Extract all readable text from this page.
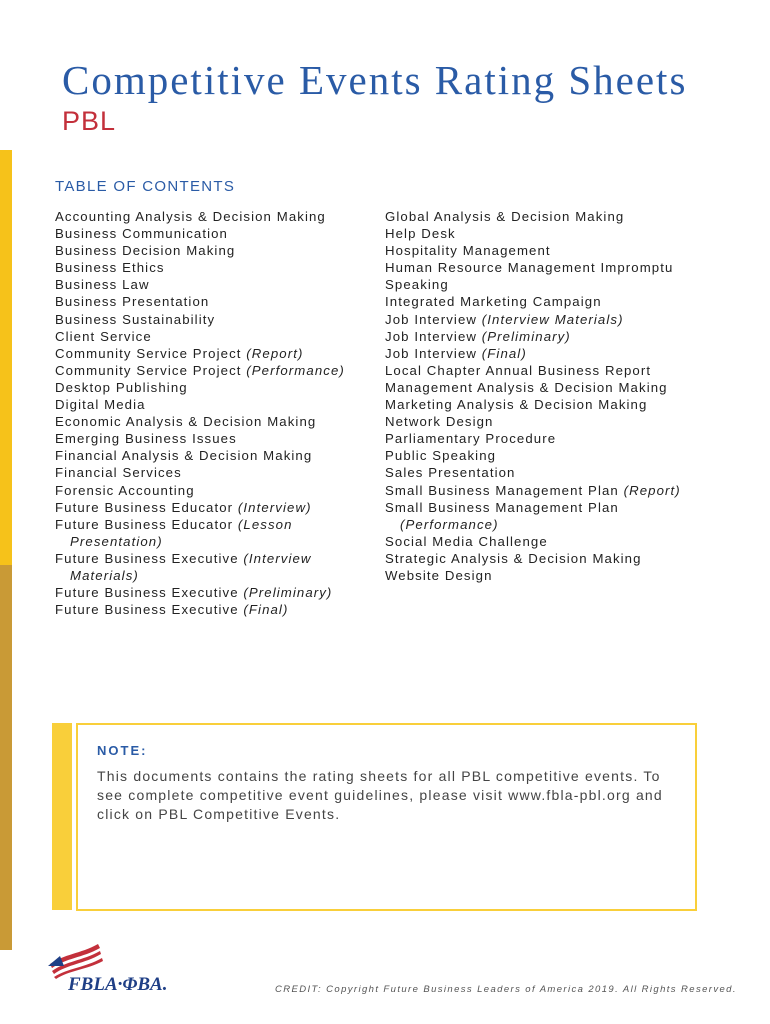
Competitive Events Rating Sheets
PBL
TABLE OF CONTENTS
Accounting Analysis & Decision Making
Business Communication
Business Decision Making
Business Ethics
Business Law
Business Presentation
Business Sustainability
Client Service
Community Service Project (Report)
Community Service Project (Performance)
Desktop Publishing
Digital Media
Economic Analysis & Decision Making
Emerging Business Issues
Financial Analysis & Decision Making
Financial Services
Forensic Accounting
Future Business Educator (Interview)
Future Business Educator (Lesson Presentation)
Future Business Executive (Interview Materials)
Future Business Executive (Preliminary)
Future Business Executive (Final)
Global Analysis & Decision Making
Help Desk
Hospitality Management
Human Resource Management Impromptu Speaking
Integrated Marketing Campaign
Job Interview (Interview Materials)
Job Interview (Preliminary)
Job Interview (Final)
Local Chapter Annual Business Report
Management Analysis & Decision Making
Marketing Analysis & Decision Making
Network Design
Parliamentary Procedure
Public Speaking
Sales Presentation
Small Business Management Plan (Report)
Small Business Management Plan (Performance)
Social Media Challenge
Strategic Analysis & Decision Making
Website Design
NOTE:

This documents contains the rating sheets for all PBL competitive events. To see complete competitive event guidelines, please visit www.fbla-pbl.org and click on PBL Competitive Events.

FBLA·ΦBA.	CREDIT: Copyright Future Business Leaders of America 2019. All Rights Reserved.
